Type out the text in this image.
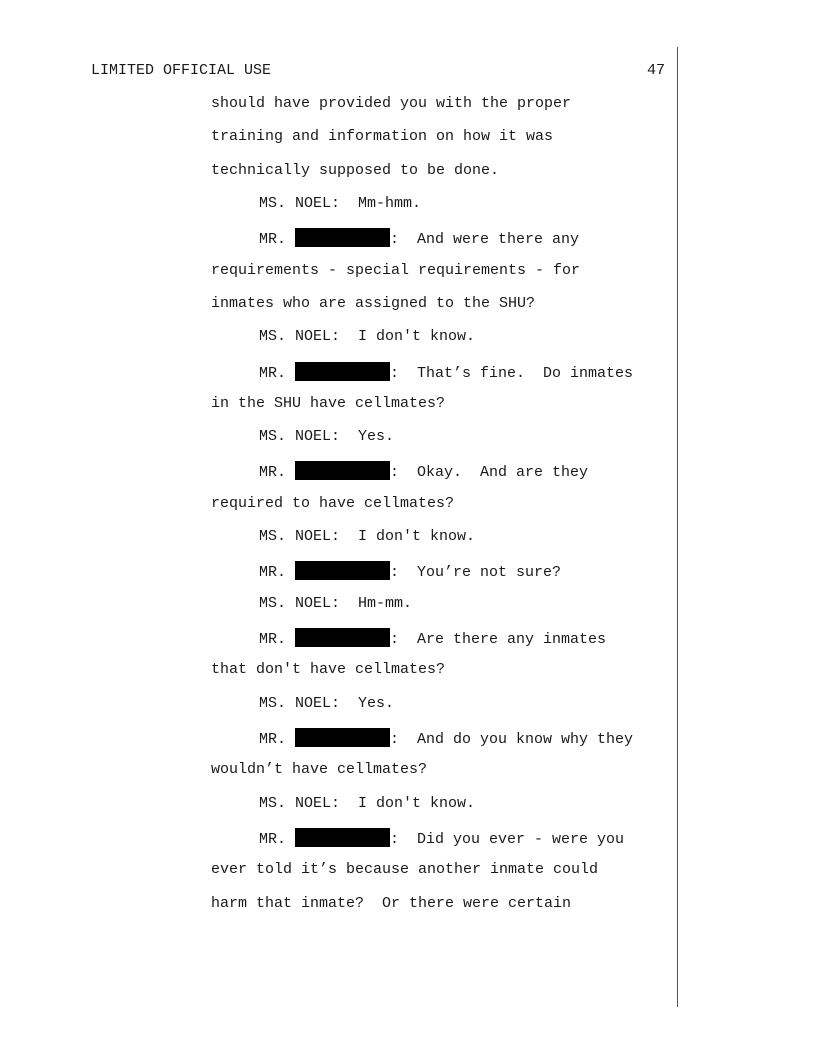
LIMITED OFFICIAL USE	47
should have provided you with the proper
training and information on how it was
technically supposed to be done.
MS. NOEL:  Mm-hmm.
MR.	:  And were there any
requirements - special requirements - for
inmates who are assigned to the SHU?
MS. NOEL:  I don't know.
MR.	:  That’s fine.  Do inmates
in the SHU have cellmates?
MS. NOEL:  Yes.
MR.	:  Okay.  And are they
required to have cellmates?
MS. NOEL:  I don't know.
MR.	:  You’re not sure?
MS. NOEL:  Hm-mm.
MR.	:  Are there any inmates
that don't have cellmates?
MS. NOEL:  Yes.
MR.	:  And do you know why they
wouldn’t have cellmates?
MS. NOEL:  I don't know.
MR.	:  Did you ever - were you
ever told it’s because another inmate could
harm that inmate?  Or there were certain
